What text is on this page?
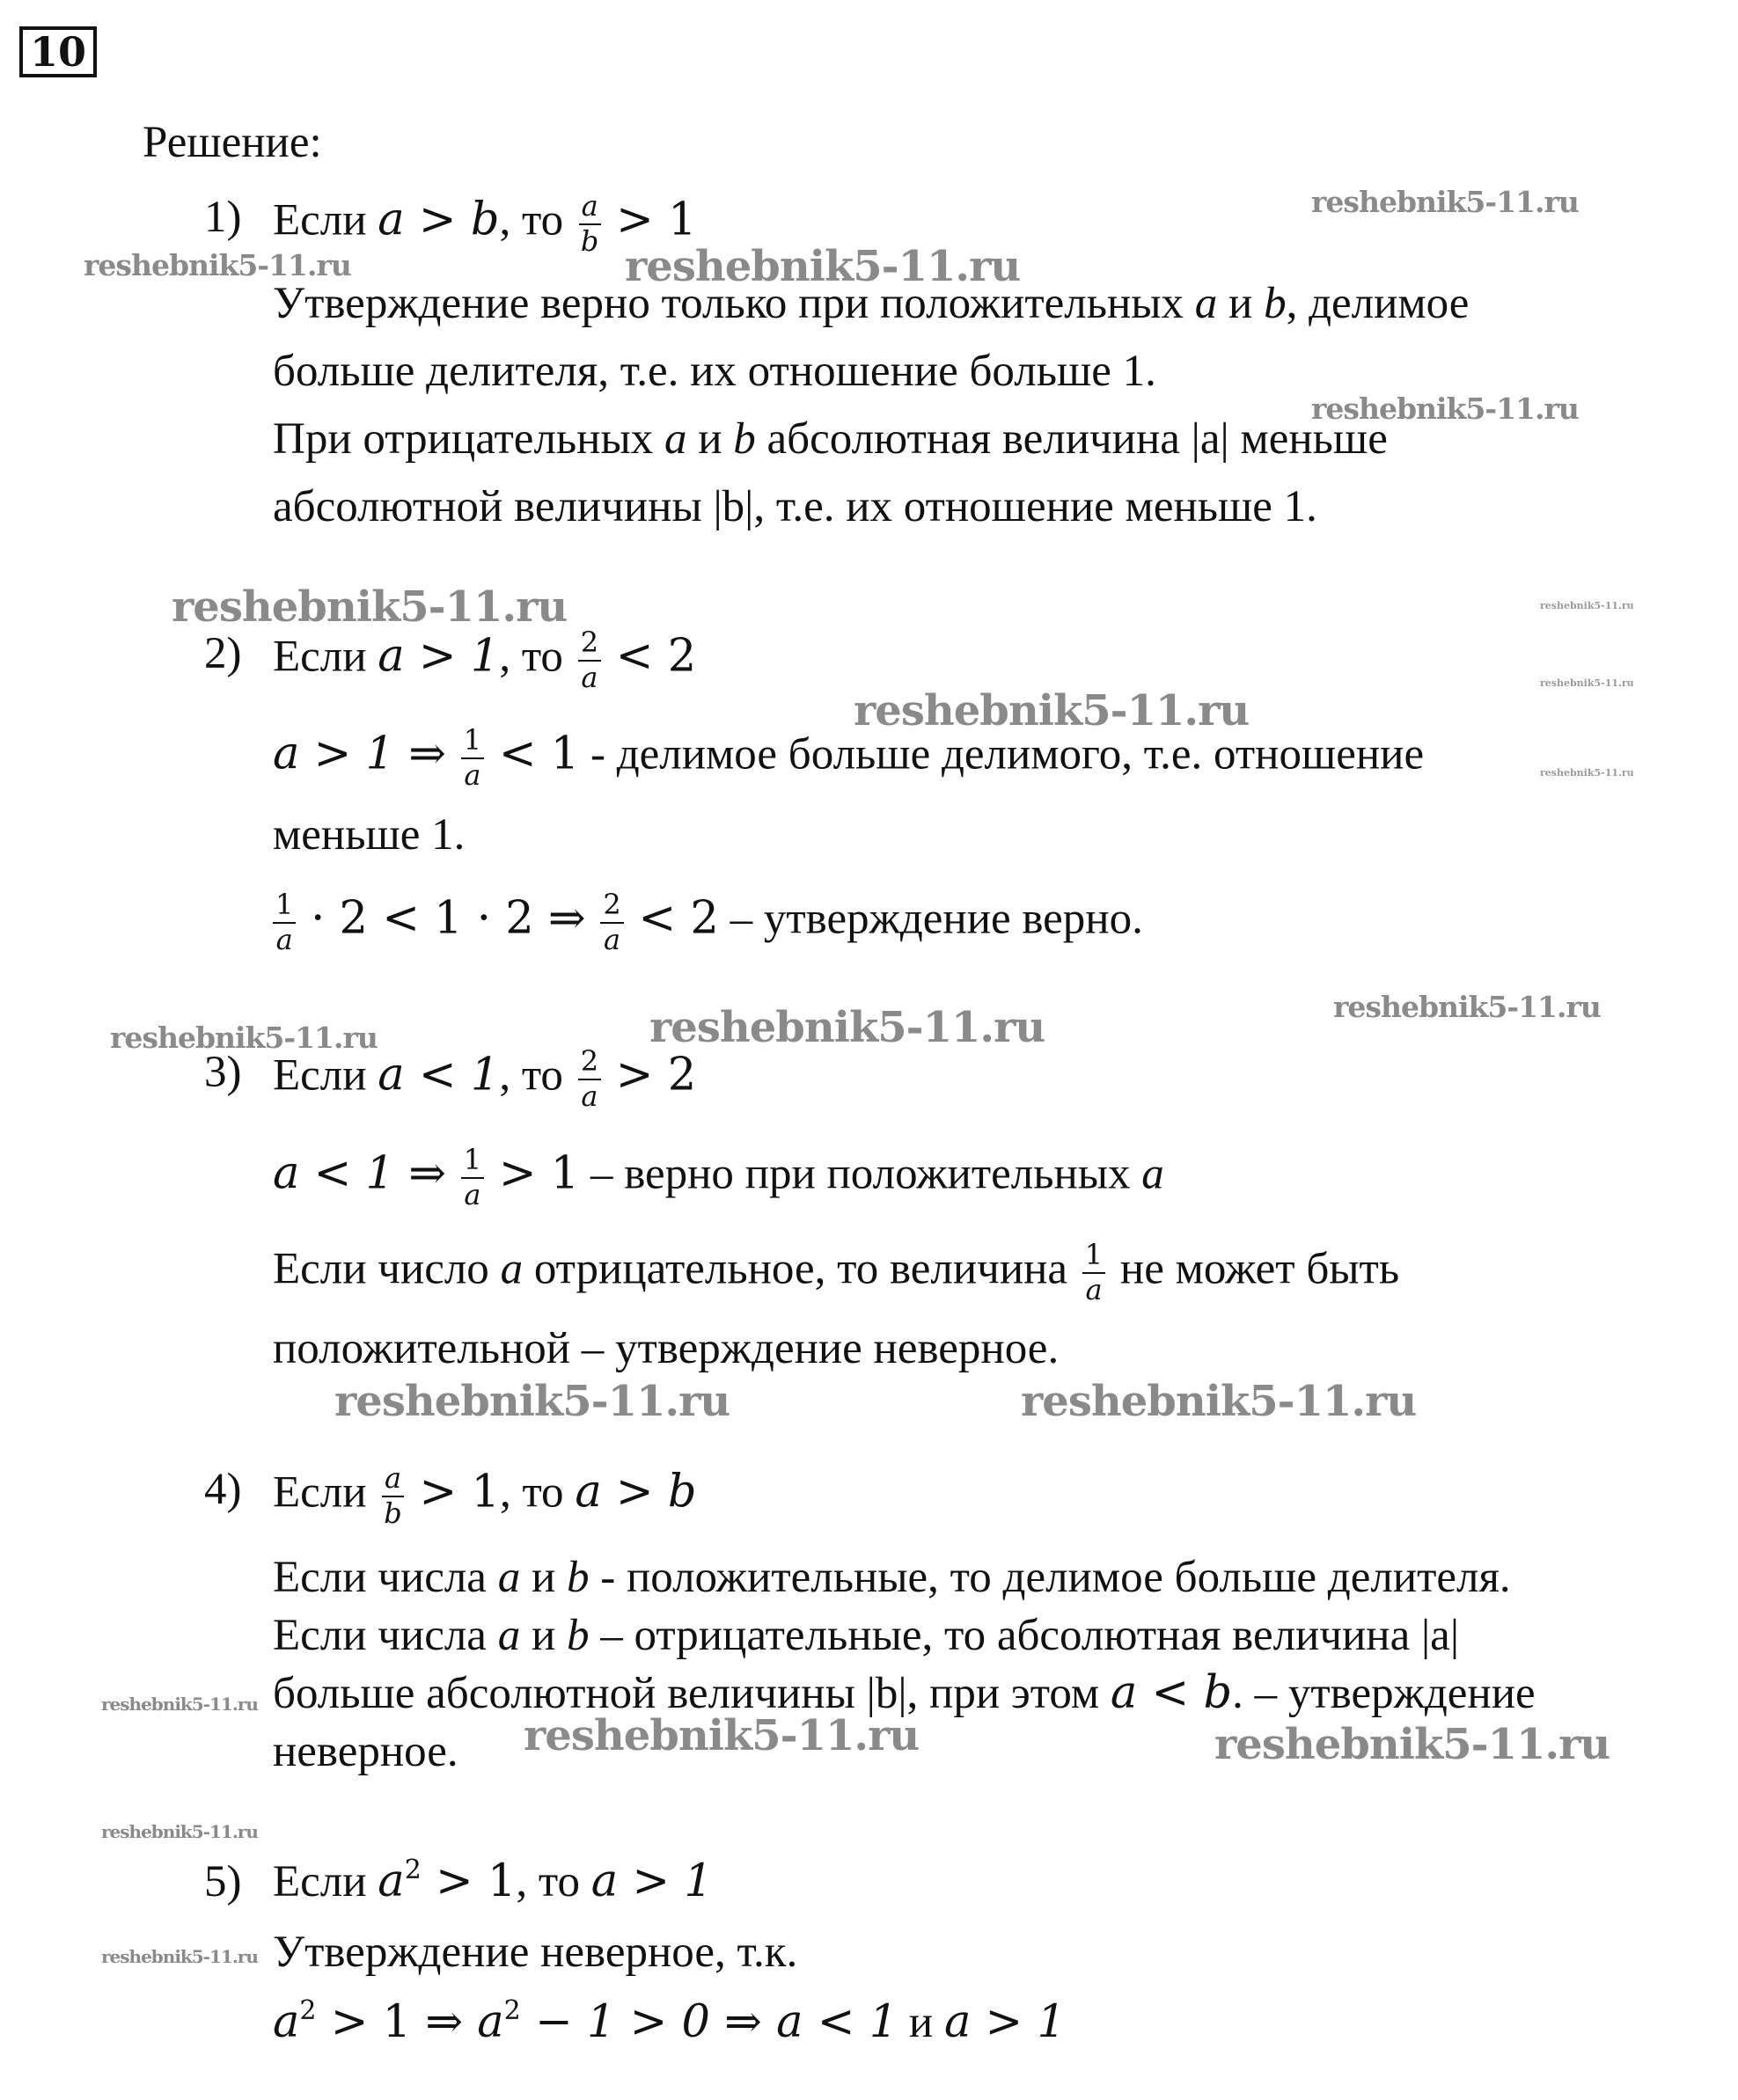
10
Решение:
1) Если a > b, то $\frac{a}{b} > 1$
Утверждение верно только при положительных a и b, делимое
больше делителя, т.е. их отношение больше 1.
При отрицательных a и b абсолютная величина |a| меньше
абсолютной величины |b|, т.е. их отношение меньше 1.
2) Если a > 1, то $\frac{2}{a} < 2$
a > 1 ⇒ $\frac{1}{a} < 1$ - делимое больше делимого, т.е. отношение
меньше 1.
$\frac{1}{a} \cdot 2 < 1 \cdot 2$ ⇒ $\frac{2}{a} < 2$ – утверждение верно.
3) Если a < 1, то $\frac{2}{a} > 2$
a < 1 ⇒ $\frac{1}{a} > 1$ – верно при положительных a
Если число a отрицательное, то величина $\frac{1}{a}$ не может быть
положительной – утверждение неверное.
4) Если $\frac{a}{b} > 1$, то a > b
Если числа a и b - положительные, то делимое больше делителя.
Если числа a и b – отрицательные, то абсолютная величина |a|
больше абсолютной величины |b|, при этом a < b. – утверждение
неверное.
5) Если $a^2 > 1$, то a > 1
Утверждение неверное, т.к.
$a^2 > 1$ ⇒ $a^2 - 1 > 0$ ⇒ a < 1 и a > 1
reshebnik5-11.ru
reshebnik5-11.ru	reshebnik5-11.ru
reshebnik5-11.ru
reshebnik5-11.ru	reshebnik5-11.ru
reshebnik5-11.ru
reshebnik5-11.ru
reshebnik5-11.ru
reshebnik5-11.ru
reshebnik5-11.ru	reshebnik5-11.ru
reshebnik5-11.ru	reshebnik5-11.ru
reshebnik5-11.ru
reshebnik5-11.ru	reshebnik5-11.ru
reshebnik5-11.ru
reshebnik5-11.ru
